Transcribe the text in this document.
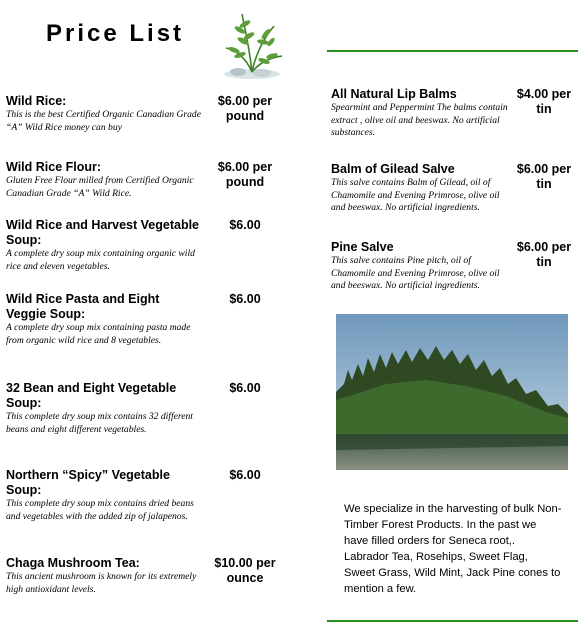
Price List
Wild Rice:
This is the best Certified Organic Canadian Grade “A” Wild Rice money can buy
$6.00 per pound
Wild Rice Flour:
Gluten Free Flour milled from Certified Organic Canadian Grade “A” Wild Rice.
$6.00 per pound
Wild Rice and Harvest Vegetable Soup:
A complete dry soup mix containing organic wild rice and eleven vegetables.
$6.00
Wild Rice Pasta and Eight Veggie Soup:
A complete dry soup mix containing pasta made from organic wild rice and 8 vegetables.
$6.00
32 Bean and Eight Vegetable Soup:
This complete dry soup mix contains 32 different beans and eight different vegetables.
$6.00
Northern “Spicy” Vegetable Soup:
This complete dry soup mix contains dried beans and vegetables with the added zip of jalapenos.
$6.00
Chaga Mushroom Tea:
This ancient mushroom is known for its extremely high antioxidant levels.
$10.00 per ounce
All Natural Lip Balms
Spearmint and Peppermint The balms contain extract , olive oil and beeswax. No artificial substances.
$4.00 per tin
Balm of Gilead Salve
This salve contains Balm of Gilead, oil of Chamomile and Evening Primrose, olive oil and beeswax. No artificial ingredients.
$6.00 per tin
Pine Salve
This salve contains Pine pitch, oil of Chamomile and Evening Primrose, olive oil and beeswax. No artificial ingredients.
$6.00 per tin
We specialize in the harvesting of bulk Non-Timber Forest Products. In the past we have filled orders for Seneca root,. Labrador Tea, Rosehips, Sweet Flag, Sweet Grass, Wild Mint, Jack Pine cones to mention a few.
